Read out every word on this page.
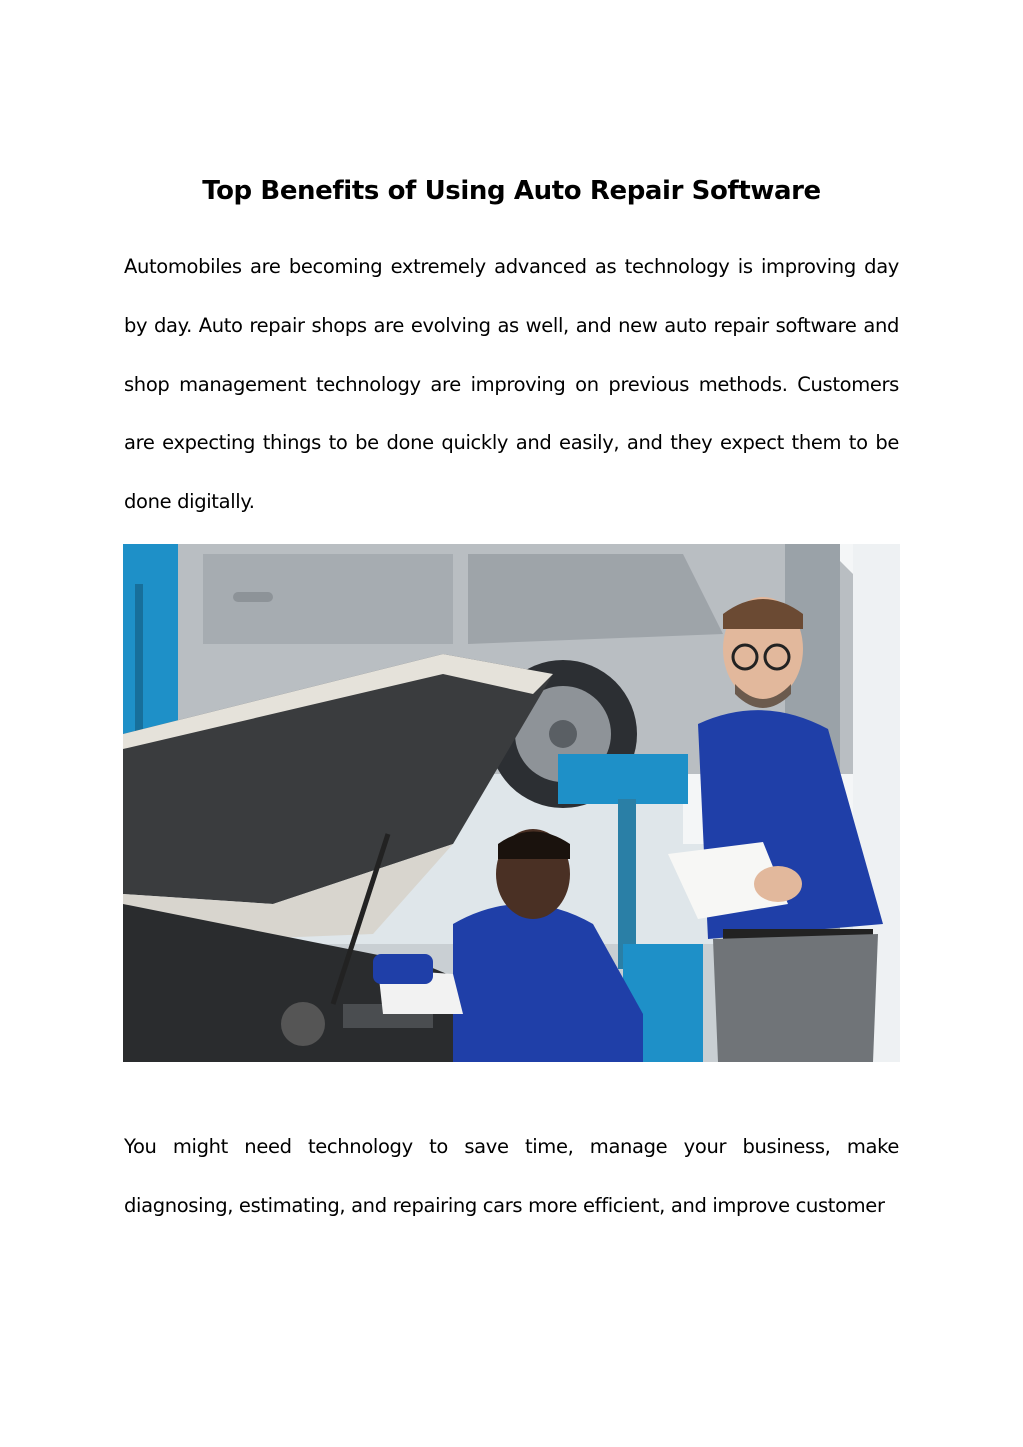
Top Benefits of Using Auto Repair Software

Automobiles are becoming extremely advanced as technology is improving day by day. Auto repair shops are evolving as well, and new auto repair software and shop management technology are improving on previous methods. Customers are expecting things to be done quickly and easily, and they expect them to be done digitally.

You might need technology to save time, manage your business, make diagnosing, estimating, and repairing cars more efficient, and improve customer
